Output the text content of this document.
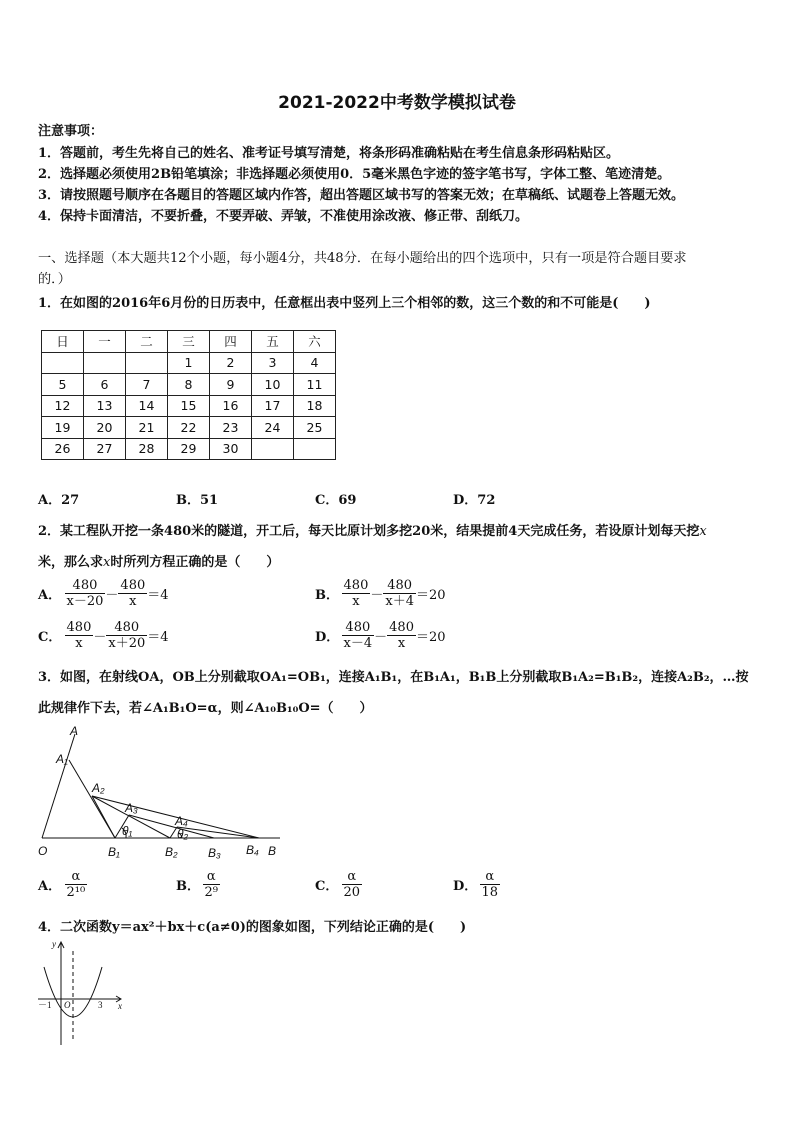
2021-2022中考数学模拟试卷
注意事项：
1．答题前，考生先将自己的姓名、准考证号填写清楚，将条形码准确粘贴在考生信息条形码粘贴区。
2．选择题必须使用2B铅笔填涂；非选择题必须使用0．5毫米黑色字迹的签字笔书写，字体工整、笔迹清楚。
3．请按照题号顺序在各题目的答题区域内作答，超出答题区域书写的答案无效；在草稿纸、试题卷上答题无效。
4．保持卡面清洁，不要折叠，不要弄破、弄皱，不准使用涂改液、修正带、刮纸刀。
一、选择题（本大题共12个小题，每小题4分，共48分．在每小题给出的四个选项中，只有一项是符合题目要求
的．）
1．在如图的2016年6月份的日历表中，任意框出表中竖列上三个相邻的数，这三个数的和不可能是(　　)
日	一	二	三	四	五	六
			1	2	3	4
5	6	7	8	9	10	11
12	13	14	15	16	17	18
19	20	21	22	23	24	25
26	27	28	29	30		
A．27	B．51	C．69	D．72
2．某工程队开挖一条480米的隧道，开工后，每天比原计划多挖20米，结果提前4天完成任务，若设原计划每天挖x
米，那么求x时所列方程正确的是（　　）
A． $\frac{480}{x-20} - \frac{480}{x} =4$	B． $\frac{480}{x} - \frac{480}{x+4} =20$
C． $\frac{480}{x} - \frac{480}{x+20} =4$	D． $\frac{480}{x-4} - \frac{480}{x} =20$
3．如图，在射线OA，OB上分别截取OA₁=OB₁，连接A₁B₁，在B₁A₁，B₁B上分别截取B₁A₂=B₁B₂，连接A₂B₂，…按
此规律作下去，若∠A₁B₁O=α，则∠A₁₀B₁₀O=（　　）
A
A₁
A₂
A₃
A₄
θ₁	θ₂
O	B₁	B₂	B₃ B₄ B
A． $\frac{\alpha}{\text{2¹⁰}}$	B． $\frac{\alpha}{\text{2⁹}}$	C． $\frac{\alpha}{20}$	D． $\frac{\alpha}{18}$
4．二次函数y＝ax²＋bx＋c(a≠0)的图象如图，下列结论正确的是(　　)
y
x
－1 O	3
